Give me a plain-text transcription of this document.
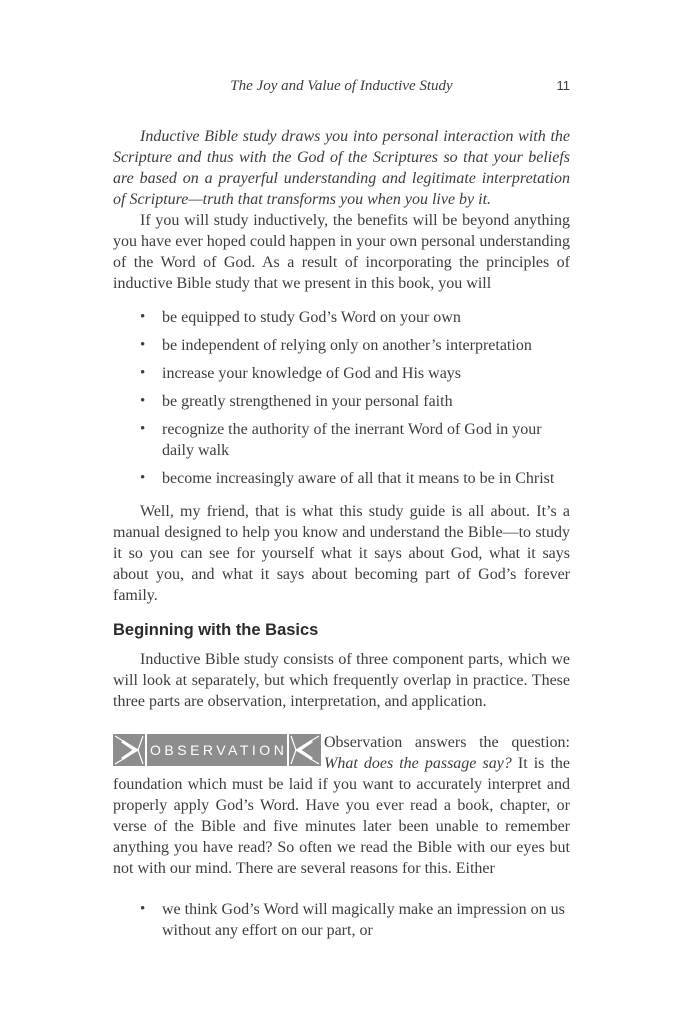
The Joy and Value of Inductive Study	11

Inductive Bible study draws you into personal interaction with the Scripture and thus with the God of the Scriptures so that your beliefs are based on a prayerful understanding and legitimate interpretation of Scripture—truth that transforms you when you live by it.

If you will study inductively, the benefits will be beyond anything you have ever hoped could happen in your own personal understanding of the Word of God. As a result of incorporating the principles of inductive Bible study that we present in this book, you will

•	be equipped to study God’s Word on your own
•	be independent of relying only on another’s interpretation
•	increase your knowledge of God and His ways
•	be greatly strengthened in your personal faith
•	recognize the authority of the inerrant Word of God in your daily walk
•	become increasingly aware of all that it means to be in Christ

Well, my friend, that is what this study guide is all about. It’s a manual designed to help you know and understand the Bible—to study it so you can see for yourself what it says about God, what it says about you, and what it says about becoming part of God’s forever family.

Beginning with the Basics

Inductive Bible study consists of three component parts, which we will look at separately, but which frequently overlap in practice. These three parts are observation, interpretation, and application.

OBSERVATION Observation answers the question: What does the passage say? It is the foundation which must be laid if you want to accurately interpret and properly apply God’s Word. Have you ever read a book, chapter, or verse of the Bible and five minutes later been unable to remember anything you have read? So often we read the Bible with our eyes but not with our mind. There are several reasons for this. Either

•	we think God’s Word will magically make an impression on us without any effort on our part, or
